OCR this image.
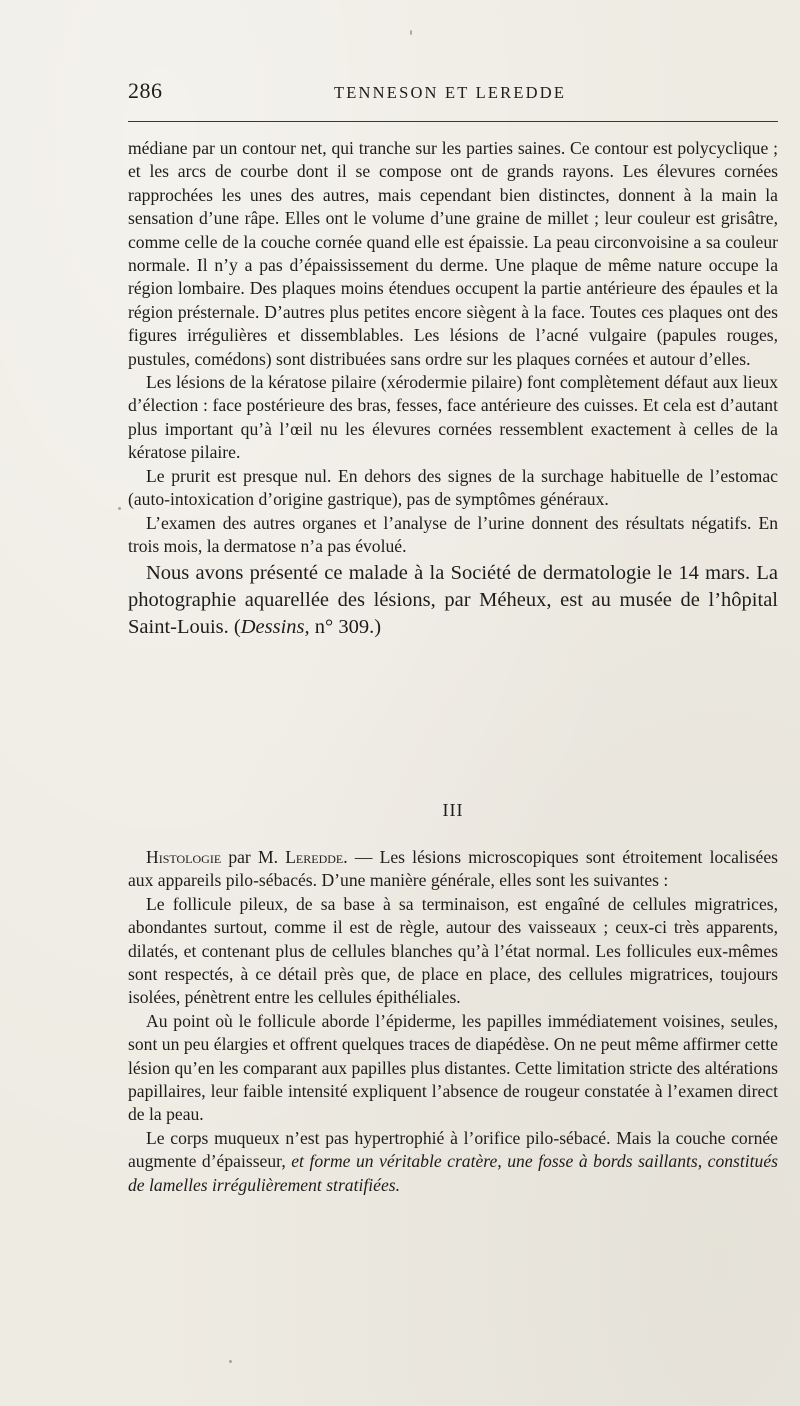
286	TENNESON ET LEREDDE

médiane par un contour net, qui tranche sur les parties saines. Ce contour est polycyclique ; et les arcs de courbe dont il se compose ont de grands rayons. Les élevures cornées rapprochées les unes des autres, mais cependant bien distinctes, donnent à la main la sensation d’une râpe. Elles ont le volume d’une graine de millet ; leur couleur est grisâtre, comme celle de la couche cornée quand elle est épaissie. La peau circonvoisine a sa couleur normale. Il n’y a pas d’épaississement du derme. Une plaque de même nature occupe la région lombaire. Des plaques moins étendues occupent la partie antérieure des épaules et la région présternale. D’autres plus petites encore siègent à la face. Toutes ces plaques ont des figures irrégulières et dissemblables. Les lésions de l’acné vulgaire (papules rouges, pustules, comédons) sont distribuées sans ordre sur les plaques cornées et autour d’elles.

Les lésions de la kératose pilaire (xérodermie pilaire) font complètement défaut aux lieux d’élection : face postérieure des bras, fesses, face antérieure des cuisses. Et cela est d’autant plus important qu’à l’œil nu les élevures cornées ressemblent exactement à celles de la kératose pilaire.

Le prurit est presque nul. En dehors des signes de la surchage habituelle de l’estomac (auto-intoxication d’origine gastrique), pas de symptômes généraux.

L’examen des autres organes et l’analyse de l’urine donnent des résultats négatifs. En trois mois, la dermatose n’a pas évolué.

Nous avons présenté ce malade à la Société de dermatologie le 14 mars. La photographie aquarellée des lésions, par Méheux, est au musée de l’hôpital Saint-Louis. (Dessins, n° 309.)

III

Histologie par M. Leredde. — Les lésions microscopiques sont étroitement localisées aux appareils pilo-sébacés. D’une manière générale, elles sont les suivantes :

Le follicule pileux, de sa base à sa terminaison, est engaîné de cellules migratrices, abondantes surtout, comme il est de règle, autour des vaisseaux ; ceux-ci très apparents, dilatés, et contenant plus de cellules blanches qu’à l’état normal. Les follicules eux-mêmes sont respectés, à ce détail près que, de place en place, des cellules migratrices, toujours isolées, pénètrent entre les cellules épithéliales.

Au point où le follicule aborde l’épiderme, les papilles immédiatement voisines, seules, sont un peu élargies et offrent quelques traces de diapédèse. On ne peut même affirmer cette lésion qu’en les comparant aux papilles plus distantes. Cette limitation stricte des altérations papillaires, leur faible intensité expliquent l’absence de rougeur constatée à l’examen direct de la peau.

Le corps muqueux n’est pas hypertrophié à l’orifice pilo-sébacé. Mais la couche cornée augmente d’épaisseur, et forme un véritable cratère, une fosse à bords saillants, constitués de lamelles irrégulièrement stratifiées.
